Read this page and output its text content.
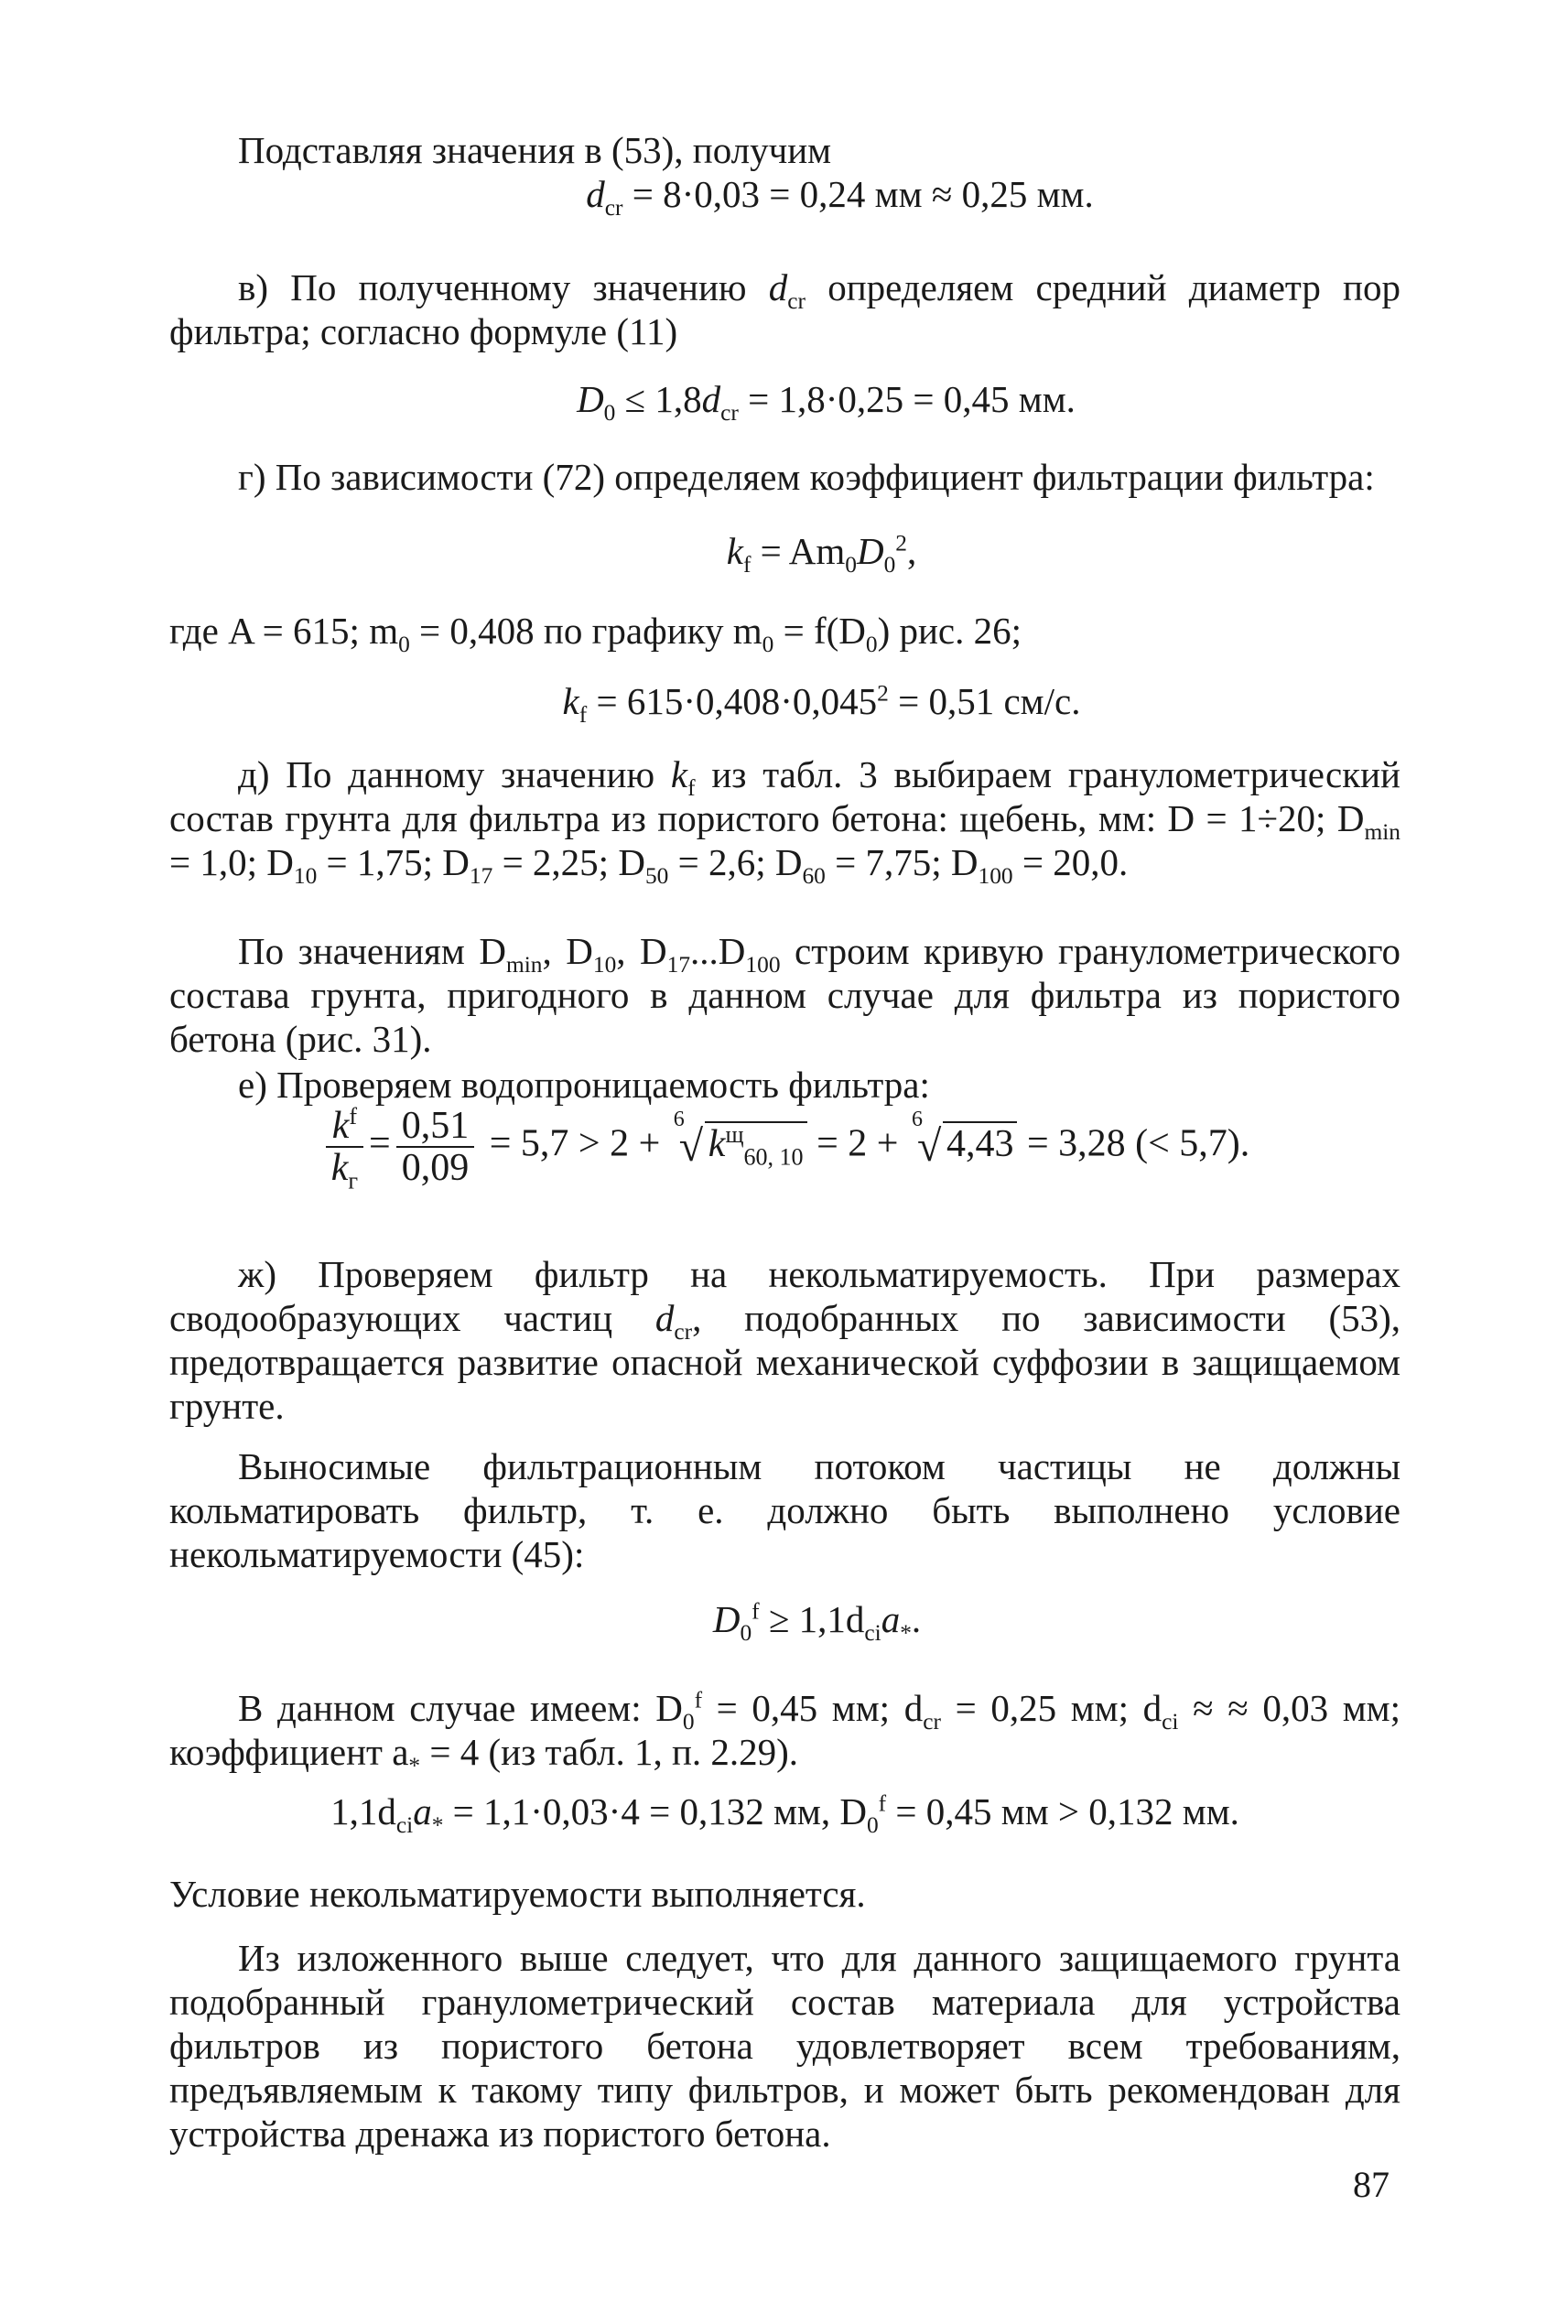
Подставляя значения в (53), получим

$d_{cr} = 8\cdot 0,03 = 0,24$ мм ≈ 0,25 мм.

в) По полученному значению $d_{cr}$ определяем средний диаметр пор фильтра; согласно формуле (11)

$D_0 \le 1,8d_{cr} = 1,8\cdot 0,25 = 0,45$ мм.

г) По зависимости (72) определяем коэффициент фильтрации фильтра:

$k_f = Am_0D_0^2$,

где A = 615; $m_0 = 0,408$ по графику $m_0 = f(D_0)$ рис. 26;

$k_f = 615\cdot 0,408\cdot 0,045^2 = 0,51$ см/с.

д) По данному значению $k_f$ из табл. 3 выбираем гранулометрический состав грунта для фильтра из пористого бетона: щебень, мм: D = 1÷20; $D_{min} = 1,0$; $D_{10} = 1,75$; $D_{17} = 2,25$; $D_{50} = 2,6$; $D_{60} = 7,75$; $D_{100} = 20,0$.

По значениям $D_{min}$, $D_{10}$, $D_{17}...D_{100}$ строим кривую гранулометрического состава грунта, пригодного в данном случае для фильтра из пористого бетона (рис. 31).

е) Проверяем водопроницаемость фильтра:

$\frac{k^f}{k_г} = \frac{0,51}{0,09} = 5,7 > 2$ +
6
√ $k^щ_{60, 10} = 2$ +
6
√ 4,43 = 3,28 (< 5,7).

ж) Проверяем фильтр на некольматируемость. При размерах сводообразующих частиц $d_{cr}$, подобранных по зависимости (53), предотвращается развитие опасной механической суффозии в защищаемом грунте.

Выносимые фильтрационным потоком частицы не должны кольматировать фильтр, т. е. должно быть выполнено условие некольматируемости (45):

$D_0^f \ge 1,1d_{ci}a_*$.

В данном случае имеем: $D_0^f = 0,45$ мм; $d_{cr} = 0,25$ мм; $d_{ci}$ ≈ ≈ 0,03 мм; коэффициент $a_* = 4$ (из табл. 1, п. 2.29).

$1,1d_{ci}a_* = 1,1\cdot 0,03\cdot 4 = 0,132$ мм, $D_0^f = 0,45$ мм > 0,132 мм.

Условие некольматируемости выполняется.

Из изложенного выше следует, что для данного защищаемого грунта подобранный гранулометрический состав материала для устройства фильтров из пористого бетона удовлетворяет всем требованиям, предъявляемым к такому типу фильтров, и может быть рекомендован для устройства дренажа из пористого бетона.

87
